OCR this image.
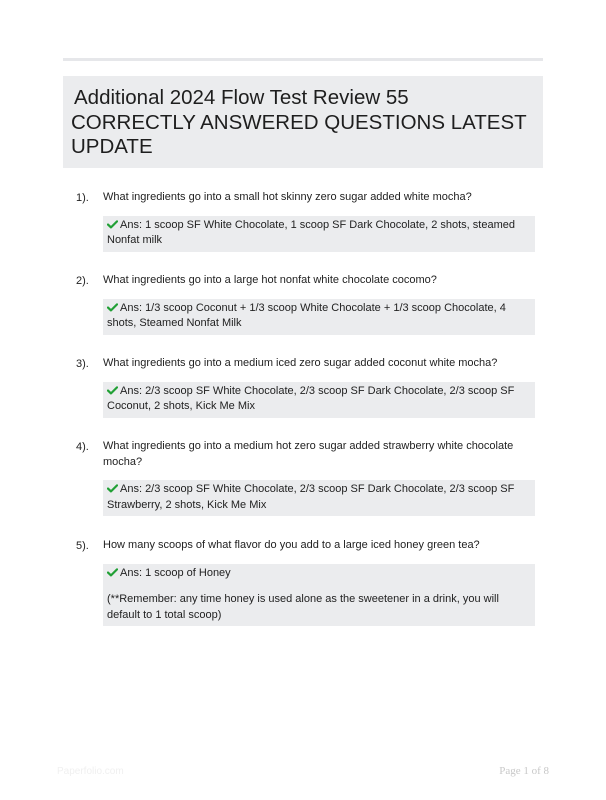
Additional 2024 Flow Test Review 55
CORRECTLY ANSWERED QUESTIONS LATEST
UPDATE
1). What ingredients go into a small hot skinny zero sugar added white mocha?
Ans: 1 scoop SF White Chocolate, 1 scoop SF Dark Chocolate, 2 shots, steamed Nonfat milk
2). What ingredients go into a large hot nonfat white chocolate cocomo?
Ans: 1/3 scoop Coconut + 1/3 scoop White Chocolate + 1/3 scoop Chocolate, 4 shots, Steamed Nonfat Milk
3). What ingredients go into a medium iced zero sugar added coconut white mocha?
Ans: 2/3 scoop SF White Chocolate, 2/3 scoop SF Dark Chocolate, 2/3 scoop SF Coconut, 2 shots, Kick Me Mix
4). What ingredients go into a medium hot zero sugar added strawberry white chocolate mocha?
Ans: 2/3 scoop SF White Chocolate, 2/3 scoop SF Dark Chocolate, 2/3 scoop SF Strawberry, 2 shots, Kick Me Mix
5). How many scoops of what flavor do you add to a large iced honey green tea?
Ans: 1 scoop of Honey
(**Remember: any time honey is used alone as the sweetener in a drink, you will default to 1 total scoop)
Paperfolio.com	Page 1 of 8
